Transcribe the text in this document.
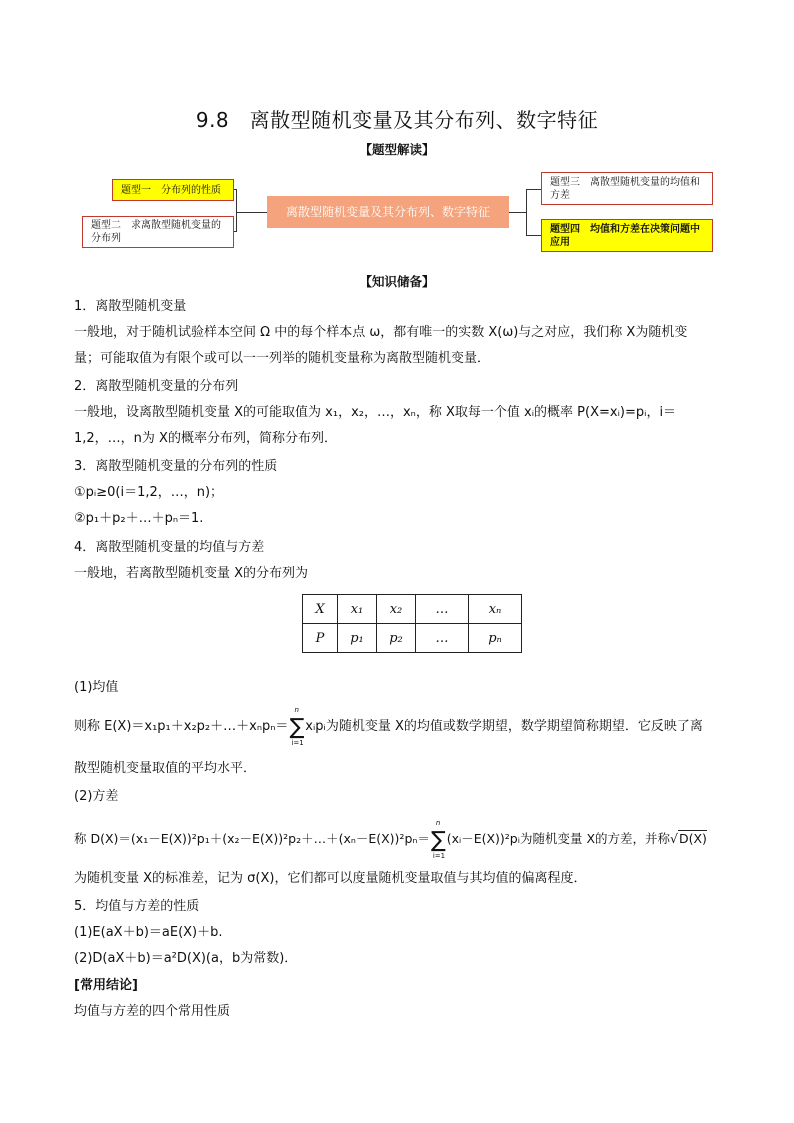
9.8　离散型随机变量及其分布列、数字特征
【题型解读】
离散型随机变量及其分布列、数字特征
题型一　分布列的性质
题型二　求离散型随机变量的分布列
题型三　离散型随机变量的均值和方差
题型四　均值和方差在决策问题中应用
【知识储备】
1．离散型随机变量
一般地，对于随机试验样本空间 Ω 中的每个样本点 ω，都有唯一的实数 X(ω)与之对应，我们称 X为随机变
量；可能取值为有限个或可以一一列举的随机变量称为离散型随机变量．
2．离散型随机变量的分布列
一般地，设离散型随机变量 X的可能取值为 x₁，x₂，…，xₙ，称 X取每一个值 xᵢ的概率 P(X=xᵢ)=pᵢ，i＝
1,2，…，n为 X的概率分布列，简称分布列．
3．离散型随机变量的分布列的性质
①pᵢ≥0(i＝1,2，…，n)；
②p₁＋p₂＋…＋pₙ＝1.
4．离散型随机变量的均值与方差
一般地，若离散型随机变量 X的分布列为
X	x₁	x₂	…	xₙ
P	p₁	p₂	…	pₙ
(1)均值
则称 E(X)＝x₁p₁＋x₂p₂＋…＋xₙpₙ＝∑
n
i=1
xᵢpᵢ为随机变量 X的均值或数学期望，数学期望简称期望．它反映了离
散型随机变量取值的平均水平．
(2)方差
称 D(X)＝(x₁－E(X))²p₁＋(x₂－E(X))²p₂＋…＋(xₙ－E(X))²pₙ＝∑
n
i=1
(xᵢ－E(X))²pᵢ为随机变量 X的方差，并称√D(X)
为随机变量 X的标准差，记为 σ(X)，它们都可以度量随机变量取值与其均值的偏离程度．
5．均值与方差的性质
(1)E(aX＋b)＝aE(X)＋b.
(2)D(aX＋b)＝a²D(X)(a，b为常数)．
[常用结论]
均值与方差的四个常用性质
